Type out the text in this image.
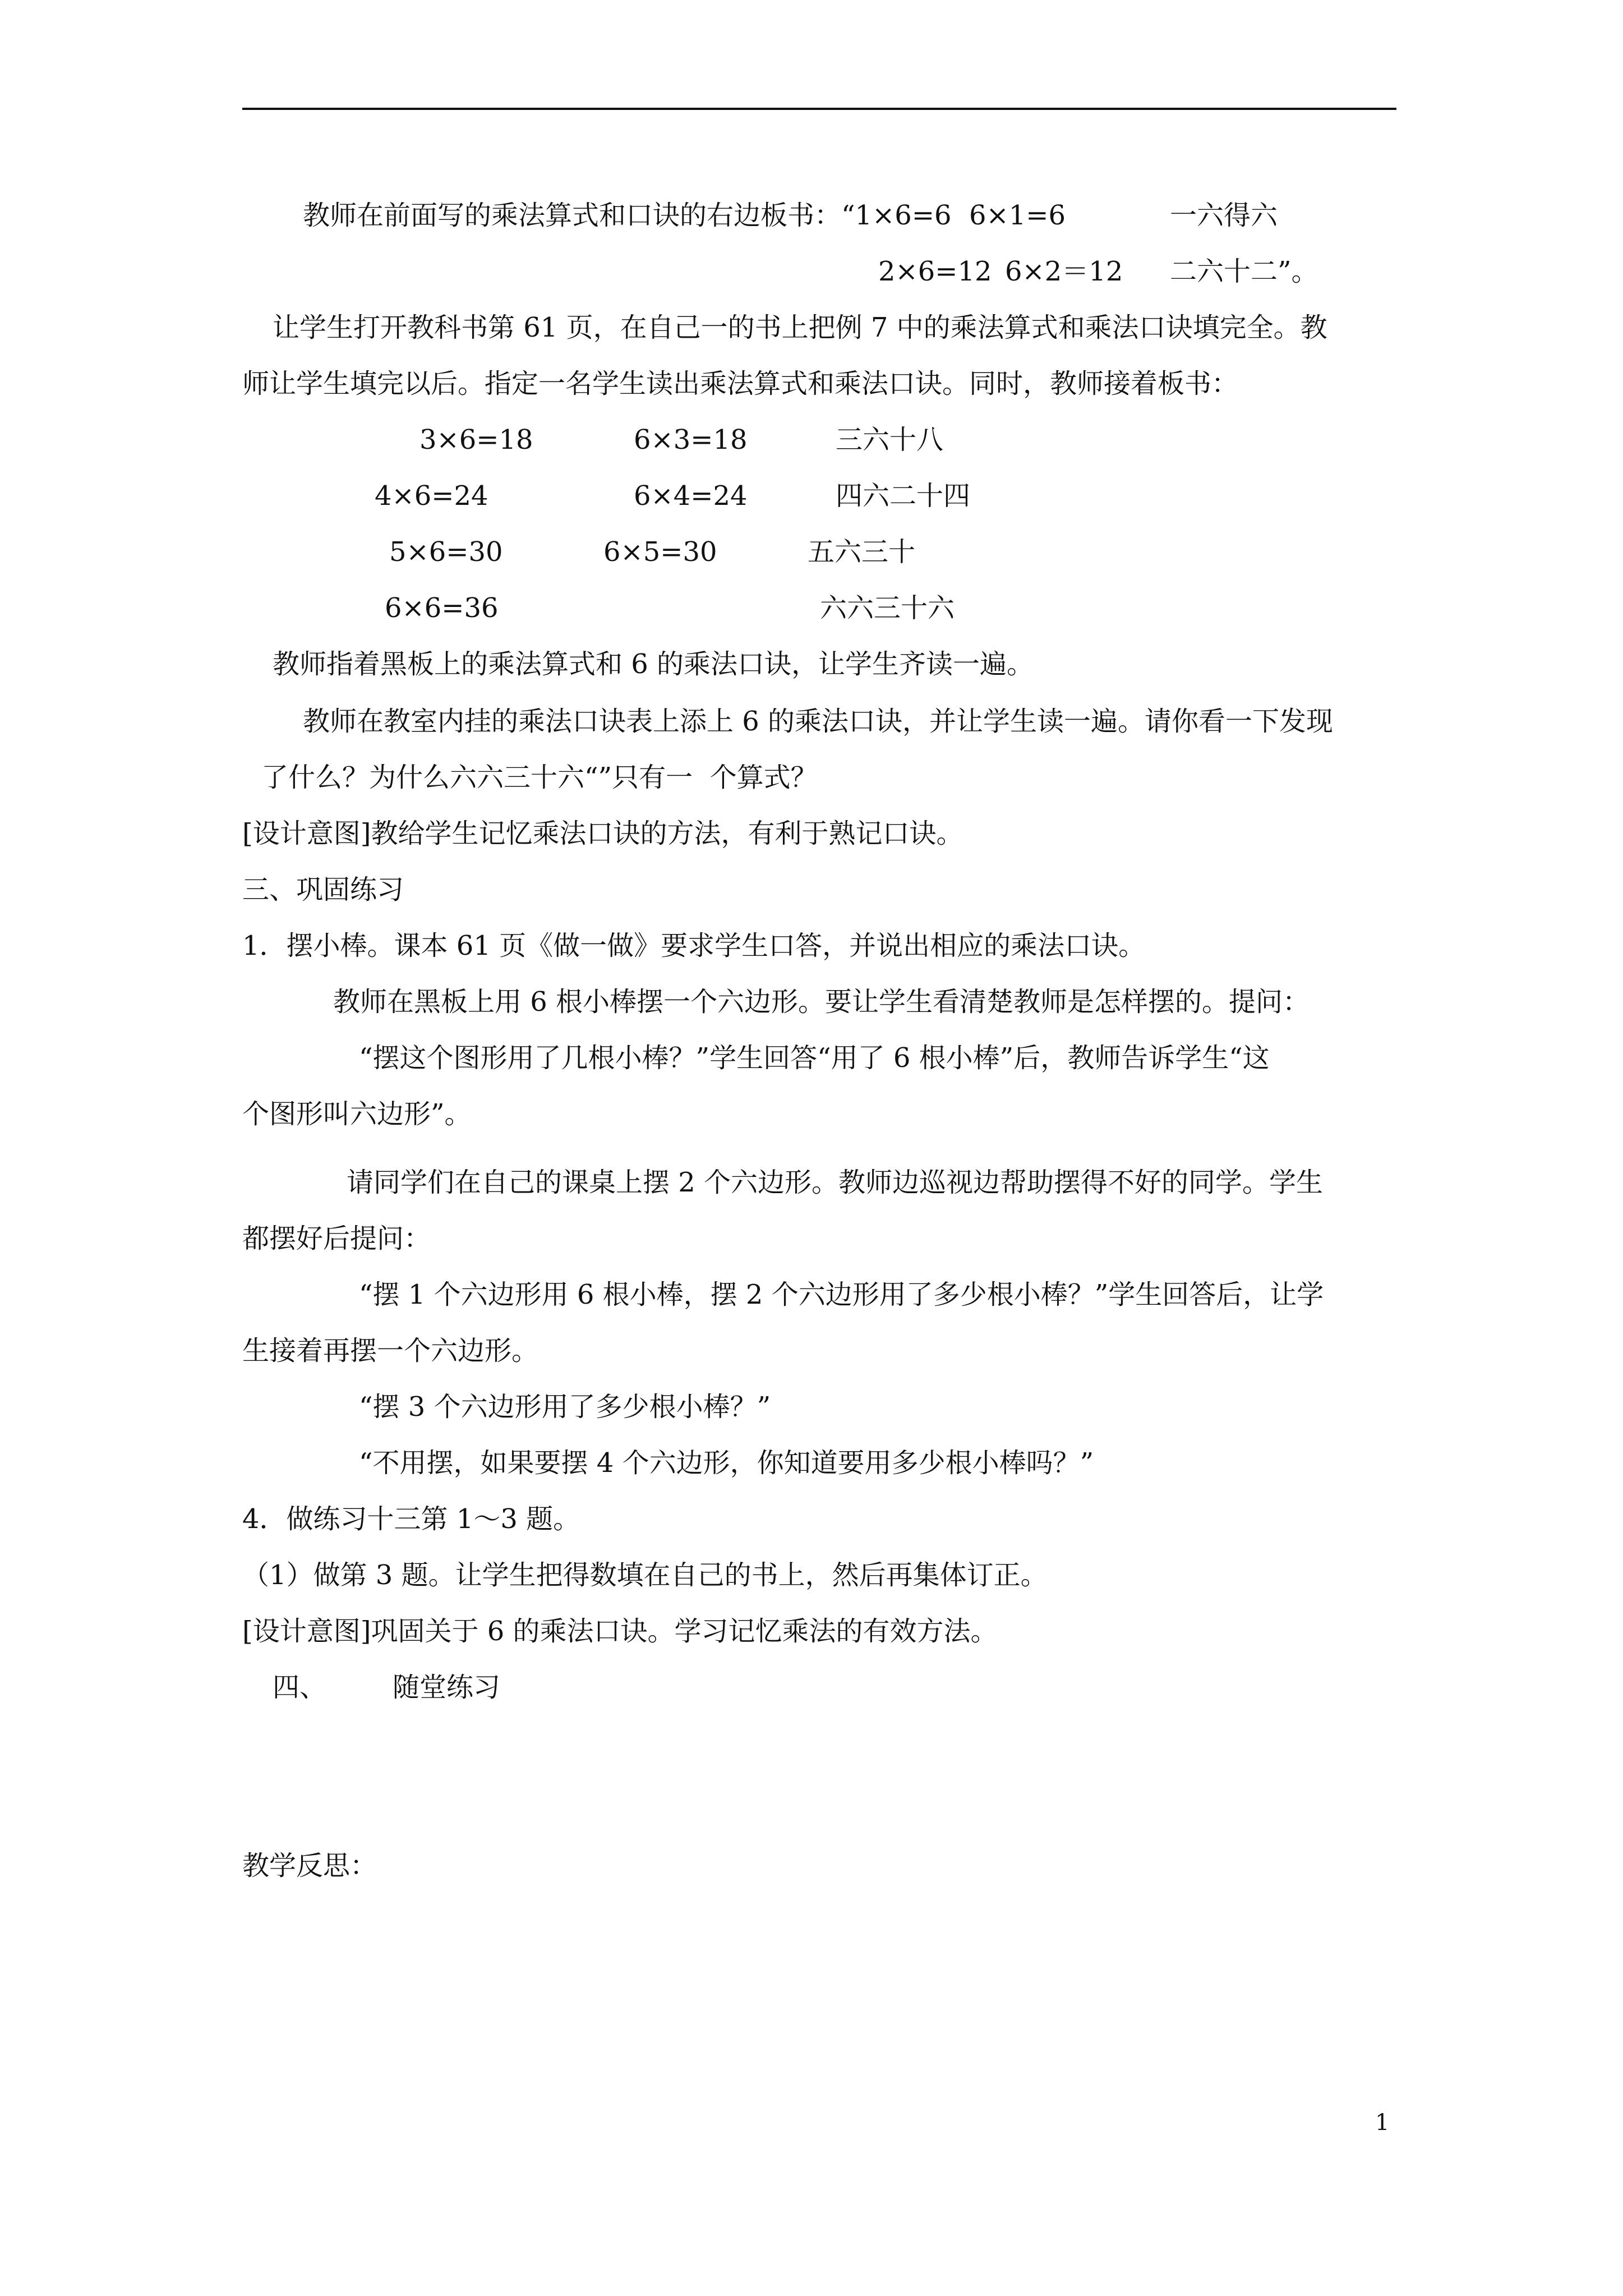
教师在前面写的乘法算式和口诀的右边板书：“1×6=6 6×1=6	一六得六
2×6=12 6×2＝12 二六十二”。
让学生打开教科书第 61 页，在自己一的书上把例 7 中的乘法算式和乘法口诀填完全。教
师让学生填完以后。指定一名学生读出乘法算式和乘法口诀。同时，教师接着板书：
3×6=18	6×3=18	三六十八
4×6=24	6×4=24	四六二十四
5×6=30	6×5=30	五六三十
6×6=36	六六三十六
教师指着黑板上的乘法算式和 6 的乘法口诀，让学生齐读一遍。
教师在教室内挂的乘法口诀表上添上 6 的乘法口诀，并让学生读一遍。请你看一下发现
了什么？为什么六六三十六“”只有一  个算式？
[设计意图]教给学生记忆乘法口诀的方法，有利于熟记口诀。
三、巩固练习
1．摆小棒。课本 61 页《做一做》要求学生口答，并说出相应的乘法口诀。
教师在黑板上用 6 根小棒摆一个六边形。要让学生看清楚教师是怎样摆的。提问：
“摆这个图形用了几根小棒？”学生回答“用了 6 根小棒”后，教师告诉学生“这
个图形叫六边形”。
请同学们在自己的课桌上摆 2 个六边形。教师边巡视边帮助摆得不好的同学。学生
都摆好后提问：
“摆 1 个六边形用 6 根小棒，摆 2 个六边形用了多少根小棒？”学生回答后，让学
生接着再摆一个六边形。
“摆 3 个六边形用了多少根小棒？”
“不用摆，如果要摆 4 个六边形，你知道要用多少根小棒吗？”
4．做练习十三第 1～3 题。
（1）做第 3 题。让学生把得数填在自己的书上，然后再集体订正。
[设计意图]巩固关于 6 的乘法口诀。学习记忆乘法的有效方法。
四、 随堂练习
教学反思：
1
